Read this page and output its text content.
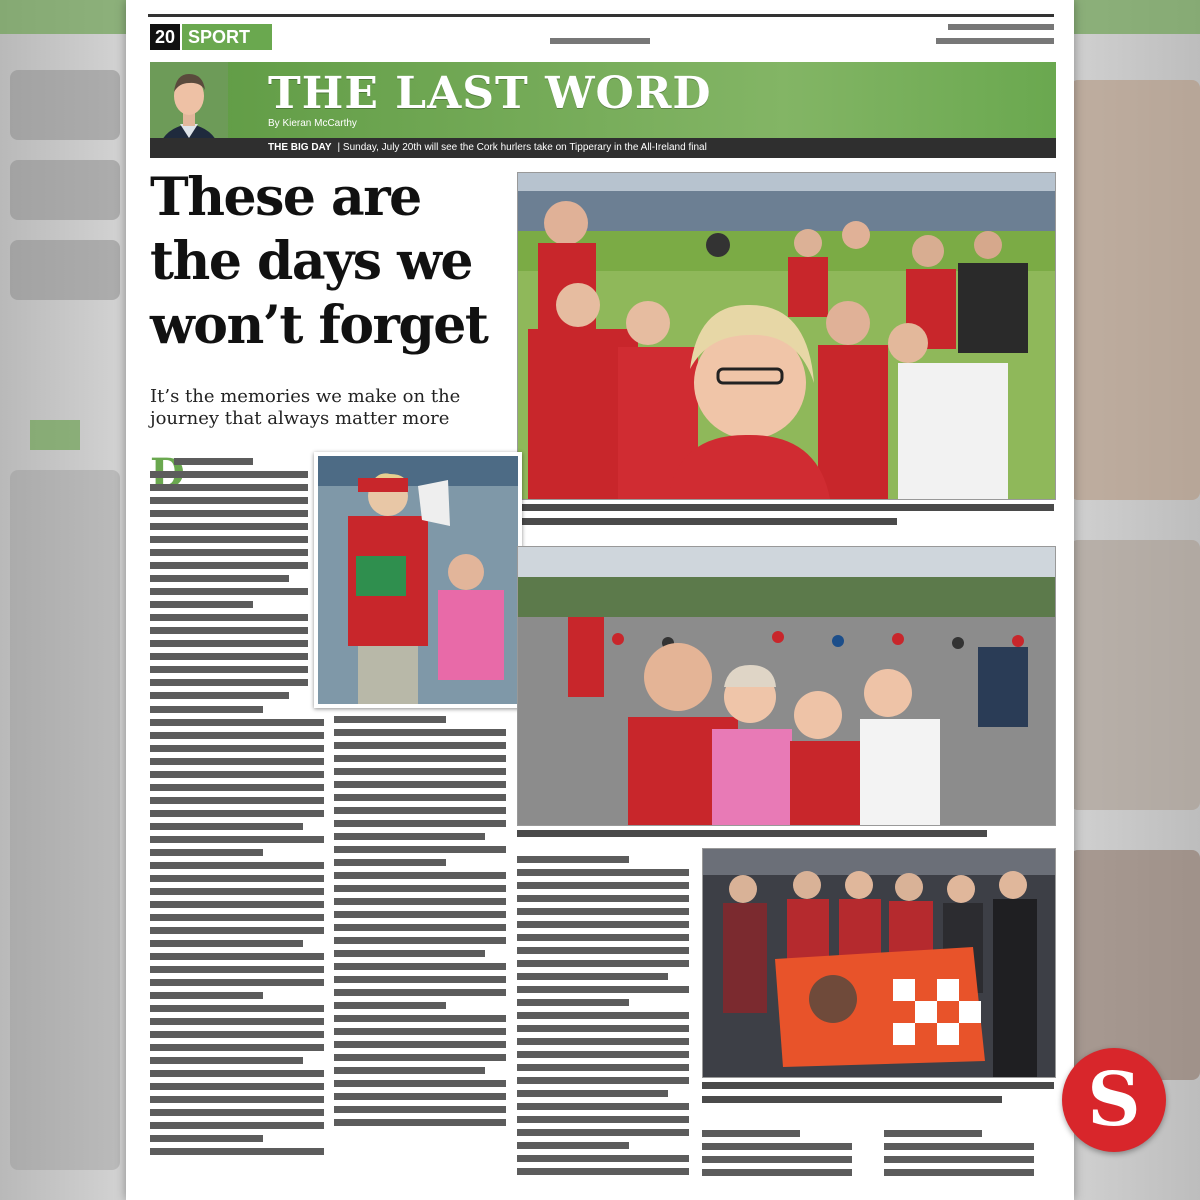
20 SPORT
THE LAST WORD
By Kieran McCarthy
THE BIG DAY | Sunday, July 20th will see the Cork hurlers take on Tipperary in the All-Ireland final
These are
the days we
won’t forget
It’s the memories we make on the journey that always matter more
S
